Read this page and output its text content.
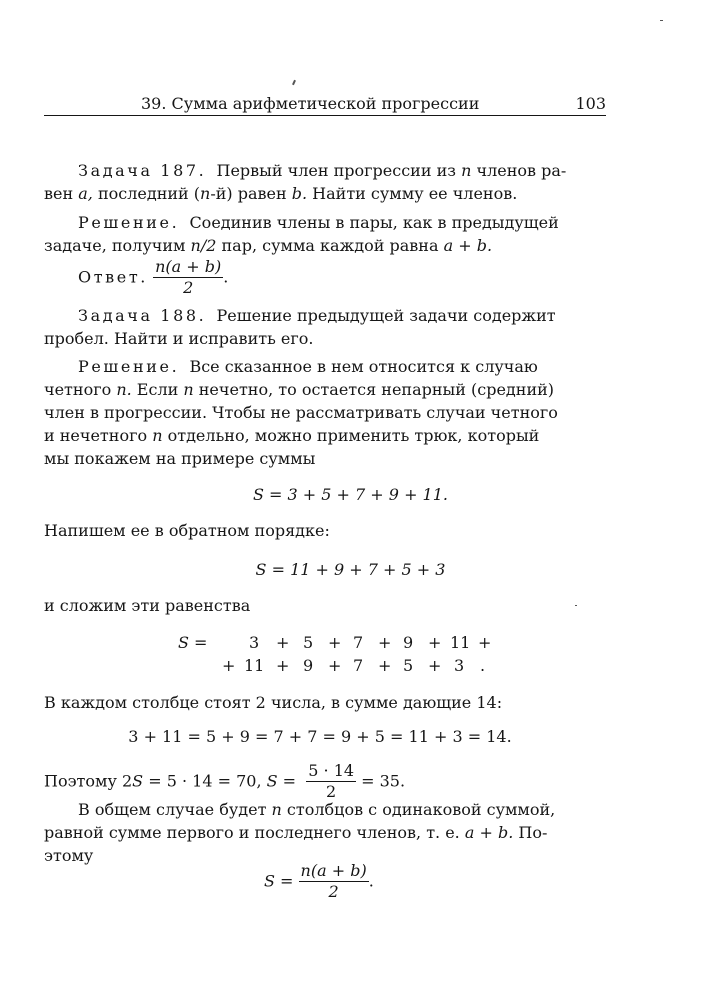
39. Сумма арифметической прогрессии	103
Задача 187. Первый член прогрессии из n членов ра-
вен a, последний (n-й) равен b. Найти сумму ее членов.
Решение. Соединив члены в пары, как в предыдущей
задаче, получим n/2 пар, сумма каждой равна a + b.
Ответ. $\frac{n(a + b)}{2}$ .
Задача 188. Решение предыдущей задачи содержит
пробел. Найти и исправить его.
Решение. Все сказанное в нем относится к случаю
четного n. Если n нечетно, то остается непарный (средний)
член в прогрессии. Чтобы не рассматривать случаи четного
и нечетного n отдельно, можно применить трюк, который
мы покажем на примере суммы
S = 3 + 5 + 7 + 9 + 11.
Напишем ее в обратном порядке:
S = 11 + 9 + 7 + 5 + 3
и сложим эти равенства
S =	3 + 5 + 7 + 9 + 11 +
+ 11 + 9 + 7 + 5 + 3 .
В каждом столбце стоят 2 числа, в сумме дающие 14:
3 + 11 = 5 + 9 = 7 + 7 = 9 + 5 = 11 + 3 = 14.
Поэтому 2S = 5 · 14 = 70, $S = \frac{5 \cdot 14}{2} = 35$.
В общем случае будет n столбцов с одинаковой суммой,
равной сумме первого и последнего членов, т. е. a + b. По-
этому
$S = \frac{n(a + b)}{2}$ .
